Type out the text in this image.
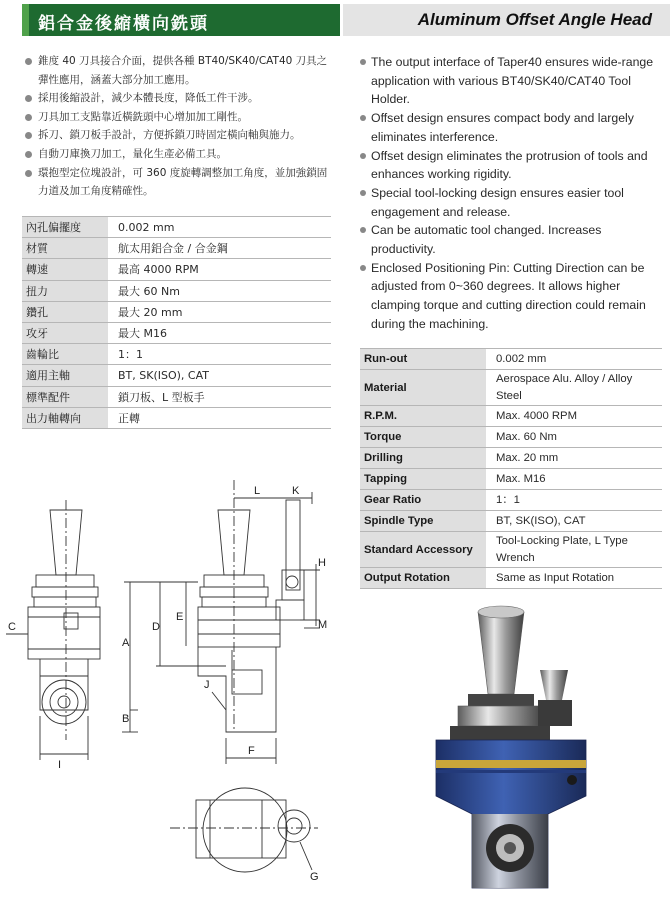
鋁合金後縮橫向銑頭	Aluminum Offset Angle Head
錐度 40 刀具接合介面，提供各種 BT40/SK40/CAT40 刀具之彈性應用，涵蓋大部分加工應用。
採用後縮設計，減少本體長度，降低工件干涉。
刀具加工支點靠近橫銑頭中心增加加工剛性。
拆刀、鎖刀板手設計，方便拆鎖刀時固定橫向軸與施力。
自動刀庫換刀加工，量化生產必備工具。
環抱型定位塊設計，可 360 度旋轉調整加工角度，並加強鎖固力道及加工角度精確性。
The output interface of Taper40 ensures wide-range application with various BT40/SK40/CAT40 Tool Holder.
Offset design ensures compact body and largely eliminates interference.
Offset design eliminates the protrusion of tools and enhances working rigidity.
Special tool-locking design ensures easier tool engagement and release.
Can be automatic tool changed. Increases productivity.
Enclosed Positioning Pin: Cutting Direction can be adjusted from 0~360 degrees. It allows higher clamping torque and cutting direction could remain during the machining.
內孔偏擺度	0.002 mm
材質	航太用鋁合金 / 合金鋼
轉速	最高 4000 RPM
扭力	最大 60 Nm
鑽孔	最大 20 mm
攻牙	最大 M16
齒輪比	1：1
適用主軸	BT, SK(ISO), CAT
標準配件	鎖刀板、L 型板手
出力軸轉向	正轉
Run-out	0.002 mm
Material	Aerospace Alu. Alloy / Alloy Steel
R.P.M.	Max. 4000 RPM
Torque	Max. 60 Nm
Drilling	Max. 20 mm
Tapping	Max. M16
Gear Ratio	1：1
Spindle Type	BT, SK(ISO), CAT
Standard Accessory	Tool-Locking Plate, L Type Wrench
Output Rotation	Same as Input Rotation
C
I
A
B
D
E
L	K
H
M
J
F
G
